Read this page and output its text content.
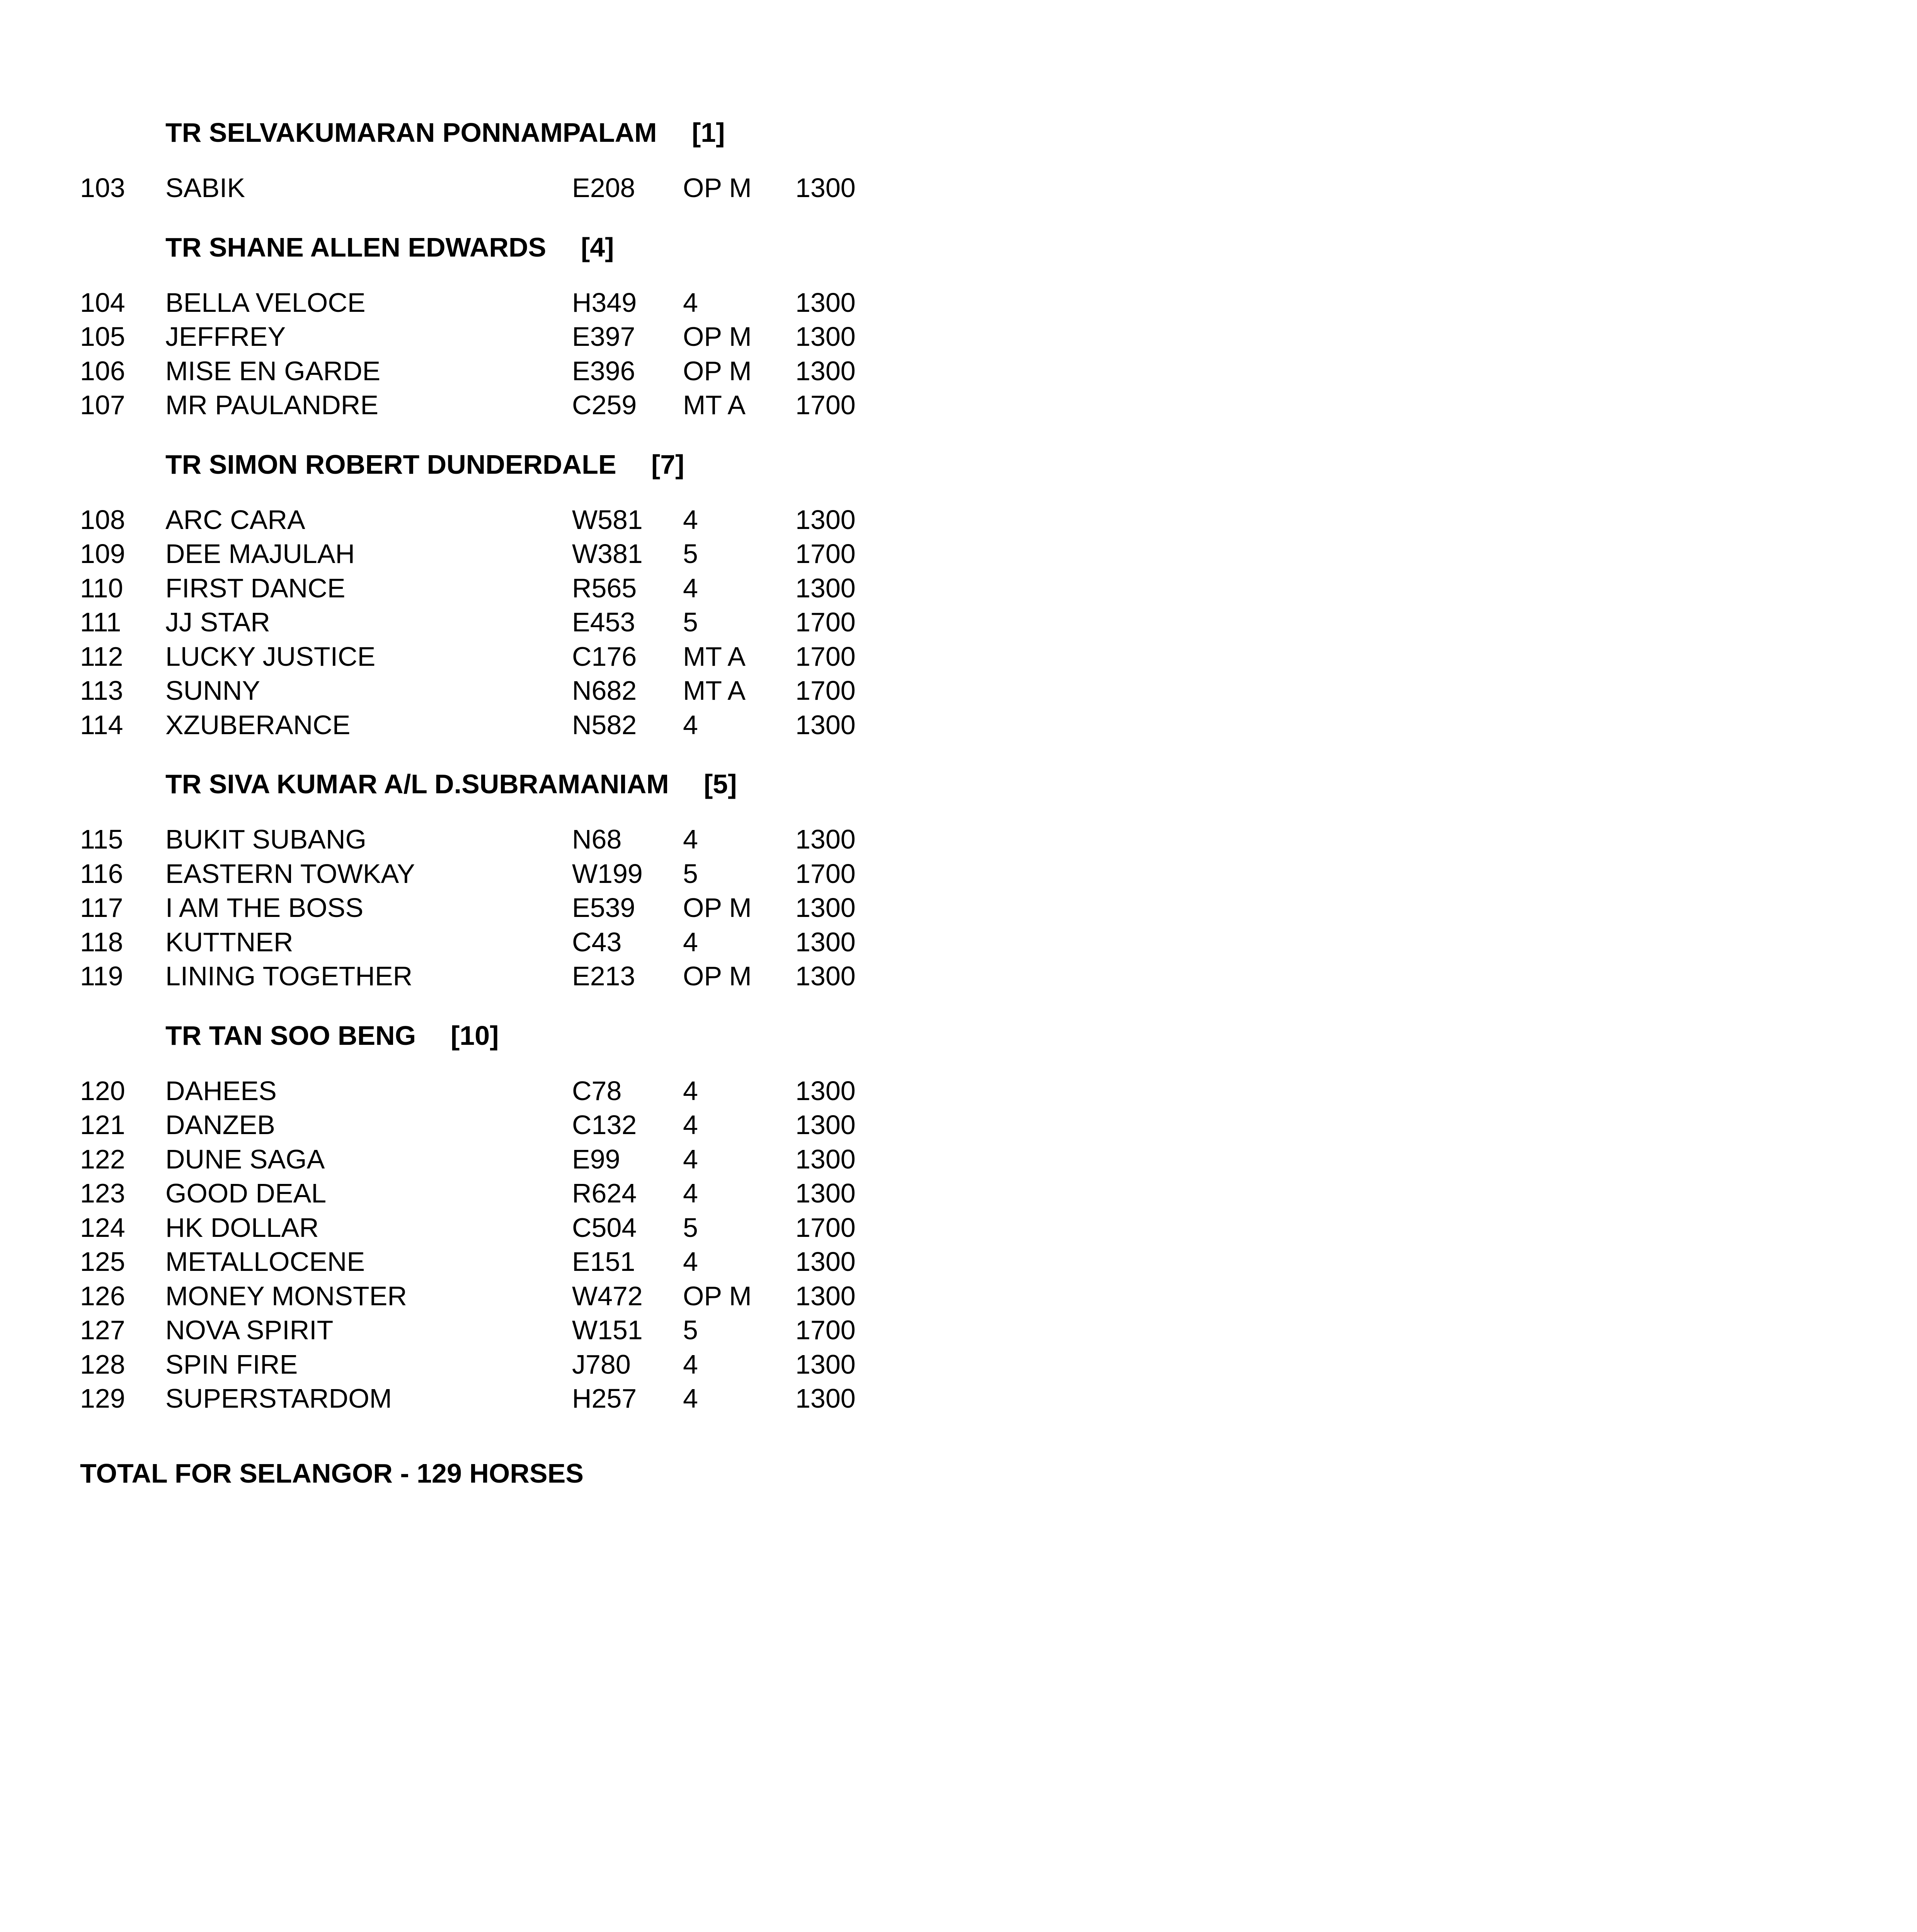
TR SELVAKUMARAN PONNAMPALAM [1]
103 SABIK	E208 OP M 1300
TR SHANE ALLEN EDWARDS [4]
104 BELLA VELOCE	H349 4	1300
105 JEFFREY	E397 OP M 1300
106 MISE EN GARDE	E396 OP M 1300
107 MR PAULANDRE	C259 MT A 1700
TR SIMON ROBERT DUNDERDALE [7]
108 ARC CARA	W581 4	1300
109 DEE MAJULAH	W381 5	1700
110 FIRST DANCE	R565 4	1300
111 JJ STAR	E453 5	1700
112 LUCKY JUSTICE	C176 MT A 1700
113 SUNNY	N682 MT A 1700
114 XZUBERANCE	N582 4	1300
TR SIVA KUMAR A/L D.SUBRAMANIAM [5]
115 BUKIT SUBANG	N68 4	1300
116 EASTERN TOWKAY	W199 5	1700
117 I AM THE BOSS	E539 OP M 1300
118 KUTTNER	C43 4	1300
119 LINING TOGETHER	E213 OP M 1300
TR TAN SOO BENG [10]
120 DAHEES	C78 4	1300
121 DANZEB	C132 4	1300
122 DUNE SAGA	E99 4	1300
123 GOOD DEAL	R624 4	1300
124 HK DOLLAR	C504 5	1700
125 METALLOCENE	E151 4	1300
126 MONEY MONSTER	W472 OP M 1300
127 NOVA SPIRIT	W151 5	1700
128 SPIN FIRE	J780 4	1300
129 SUPERSTARDOM	H257 4	1300
TOTAL FOR SELANGOR - 129 HORSES
